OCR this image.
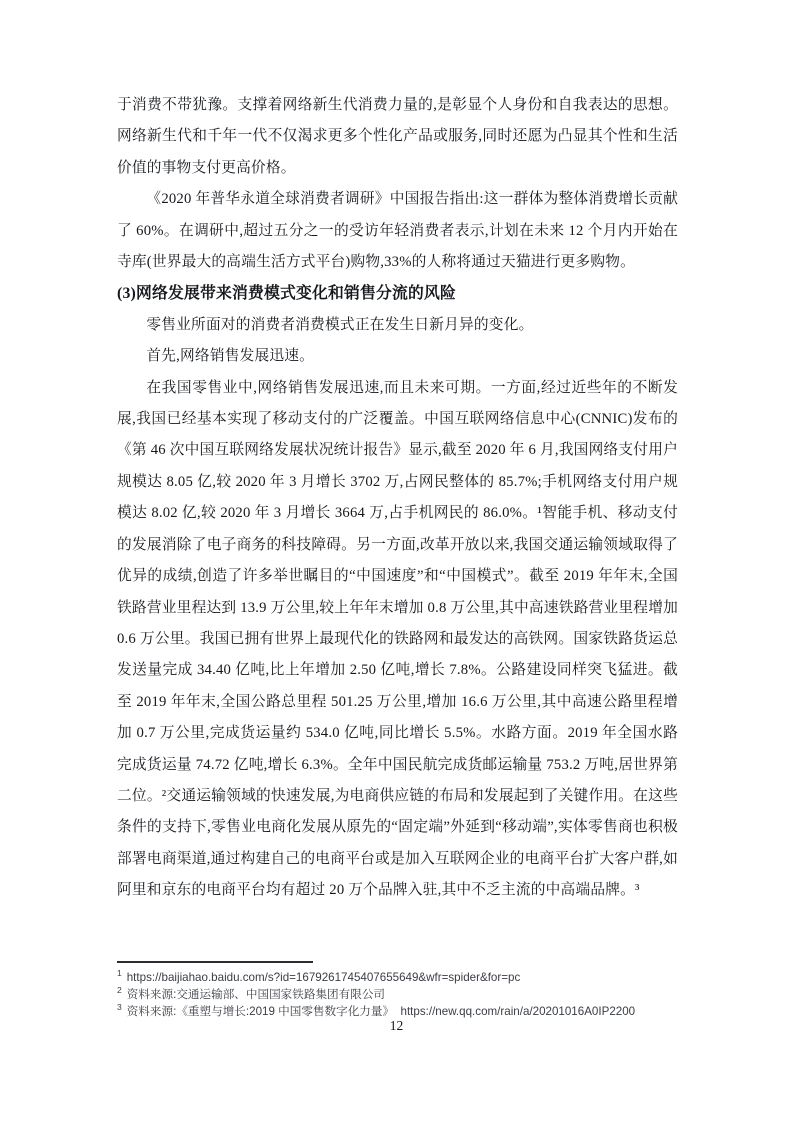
于消费不带犹豫。支撑着网络新生代消费力量的,是彰显个人身份和自我表达的思想。网络新生代和千年一代不仅渴求更多个性化产品或服务,同时还愿为凸显其个性和生活价值的事物支付更高价格。

《2020 年普华永道全球消费者调研》中国报告指出:这一群体为整体消费增长贡献了 60%。在调研中,超过五分之一的受访年轻消费者表示,计划在未来 12 个月内开始在寺库(世界最大的高端生活方式平台)购物,33%的人称将通过天猫进行更多购物。

(3)网络发展带来消费模式变化和销售分流的风险

零售业所面对的消费者消费模式正在发生日新月异的变化。

首先,网络销售发展迅速。

在我国零售业中,网络销售发展迅速,而且未来可期。一方面,经过近些年的不断发展,我国已经基本实现了移动支付的广泛覆盖。中国互联网络信息中心(CNNIC)发布的《第 46 次中国互联网络发展状况统计报告》显示,截至 2020 年 6 月,我国网络支付用户规模达 8.05 亿,较 2020 年 3 月增长 3702 万,占网民整体的 85.7%;手机网络支付用户规模达 8.02 亿,较 2020 年 3 月增长 3664 万,占手机网民的 86.0%。¹智能手机、移动支付的发展消除了电子商务的科技障碍。另一方面,改革开放以来,我国交通运输领域取得了优异的成绩,创造了许多举世瞩目的“中国速度”和“中国模式”。截至 2019 年年末,全国铁路营业里程达到 13.9 万公里,较上年年末增加 0.8 万公里,其中高速铁路营业里程增加 0.6 万公里。我国已拥有世界上最现代化的铁路网和最发达的高铁网。国家铁路货运总发送量完成 34.40 亿吨,比上年增加 2.50 亿吨,增长 7.8%。公路建设同样突飞猛进。截至 2019 年年末,全国公路总里程 501.25 万公里,增加 16.6 万公里,其中高速公路里程增加 0.7 万公里,完成货运量约 534.0 亿吨,同比增长 5.5%。水路方面。2019 年全国水路完成货运量 74.72 亿吨,增长 6.3%。全年中国民航完成货邮运输量 753.2 万吨,居世界第二位。²交通运输领域的快速发展,为电商供应链的布局和发展起到了关键作用。在这些条件的支持下,零售业电商化发展从原先的“固定端”外延到“移动端”,实体零售商也积极部署电商渠道,通过构建自己的电商平台或是加入互联网企业的电商平台扩大客户群,如阿里和京东的电商平台均有超过 20 万个品牌入驻,其中不乏主流的中高端品牌。³

$^1$ https://baijiahao.baidu.com/s?id=1679261745407655649&wfr=spider&for=pc

$^2$ 资料来源:交通运输部、中国国家铁路集团有限公司

$^3$ 资料来源:《重塑与增长:2019 中国零售数字化力量》  https://new.qq.com/rain/a/20201016A0IP2200

12
